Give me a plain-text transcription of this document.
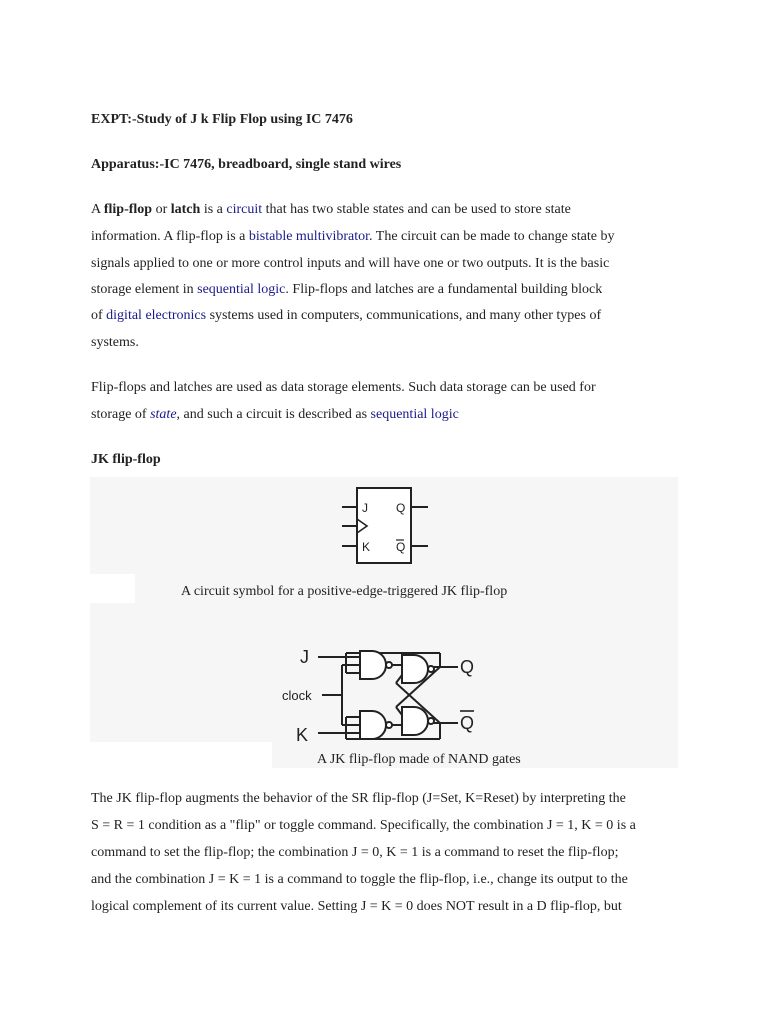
EXPT:-Study of J k Flip Flop using IC 7476
Apparatus:-IC 7476, breadboard, single stand wires
A flip-flop or latch is a circuit that has two stable states and can be used to store state
information. A flip-flop is a bistable multivibrator. The circuit can be made to change state by
signals applied to one or more control inputs and will have one or two outputs. It is the basic
storage element in sequential logic. Flip-flops and latches are a fundamental building block
of digital electronics systems used in computers, communications, and many other types of
systems.
Flip-flops and latches are used as data storage elements. Such data storage can be used for
storage of state, and such a circuit is described as sequential logic
JK flip-flop
J
K
Q
Q
A circuit symbol for a positive-edge-triggered JK flip-flop
J
clock
K
Q
Q
A JK flip-flop made of NAND gates
The JK flip-flop augments the behavior of the SR flip-flop (J=Set, K=Reset) by interpreting the
S = R = 1 condition as a "flip" or toggle command. Specifically, the combination J = 1, K = 0 is a
command to set the flip-flop; the combination J = 0, K = 1 is a command to reset the flip-flop;
and the combination J = K = 1 is a command to toggle the flip-flop, i.e., change its output to the
logical complement of its current value. Setting J = K = 0 does NOT result in a D flip-flop, but
